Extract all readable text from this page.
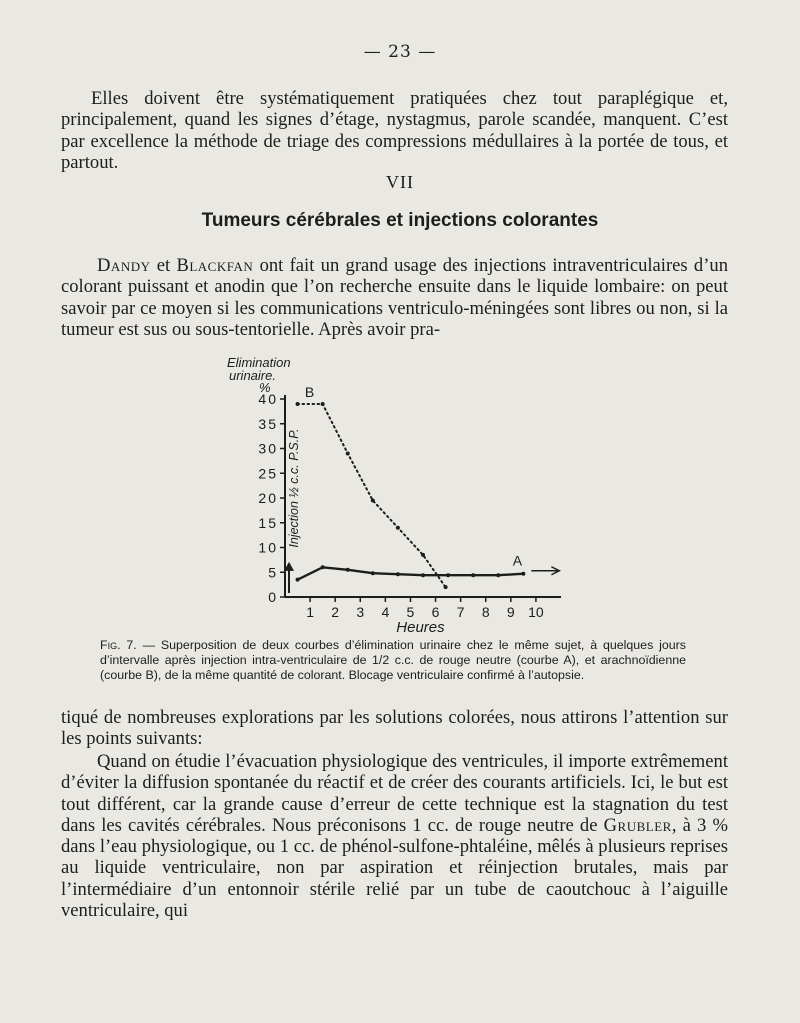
— 23 —

Elles doivent être systématiquement pratiquées chez tout paraplégique et, principalement, quand les signes d’étage, nystagmus, parole scandée, manquent. C’est par excellence la méthode de triage des compressions médullaires à la portée de tous, et partout.

VII
Tumeurs cérébrales et injections colorantes

Dandy et Blackfan ont fait un grand usage des injections intraventriculaires d’un colorant puissant et anodin que l’on recherche ensuite dans le liquide lombaire: on peut savoir par ce moyen si les communications ventriculo-méningées sont libres ou non, si la tumeur est sus ou sous-tentorielle. Après avoir pra-

Elimination
urinaire.
%
0
5
10
15
20
25
30
35
40
1 2 3 4 5 6 7 8 9 10
Heures
Injection ½ c.c. P.S.P.
A
B

Fig. 7. — Superposition de deux courbes d’élimination urinaire chez le même sujet, à quelques jours d’intervalle après injection intra-ventriculaire de 1/2 c.c. de rouge neutre (courbe A), et arachnoïdienne (courbe B), de la même quantité de colorant. Blocage ventriculaire confirmé à l’autopsie.

tiqué de nombreuses explorations par les solutions colorées, nous attirons l’attention sur les points suivants:

Quand on étudie l’évacuation physiologique des ventricules, il importe extrêmement d’éviter la diffusion spontanée du réactif et de créer des courants artificiels. Ici, le but est tout différent, car la grande cause d’erreur de cette technique est la stagnation du test dans les cavités cérébrales. Nous préconisons 1 cc. de rouge neutre de Grubler, à 3 % dans l’eau physiologique, ou 1 cc. de phénol-sulfone-phtaléine, mêlés à plusieurs reprises au liquide ventriculaire, non par aspiration et réinjection brutales, mais par l’intermédiaire d’un entonnoir stérile relié par un tube de caoutchouc à l’aiguille ventriculaire, qui
